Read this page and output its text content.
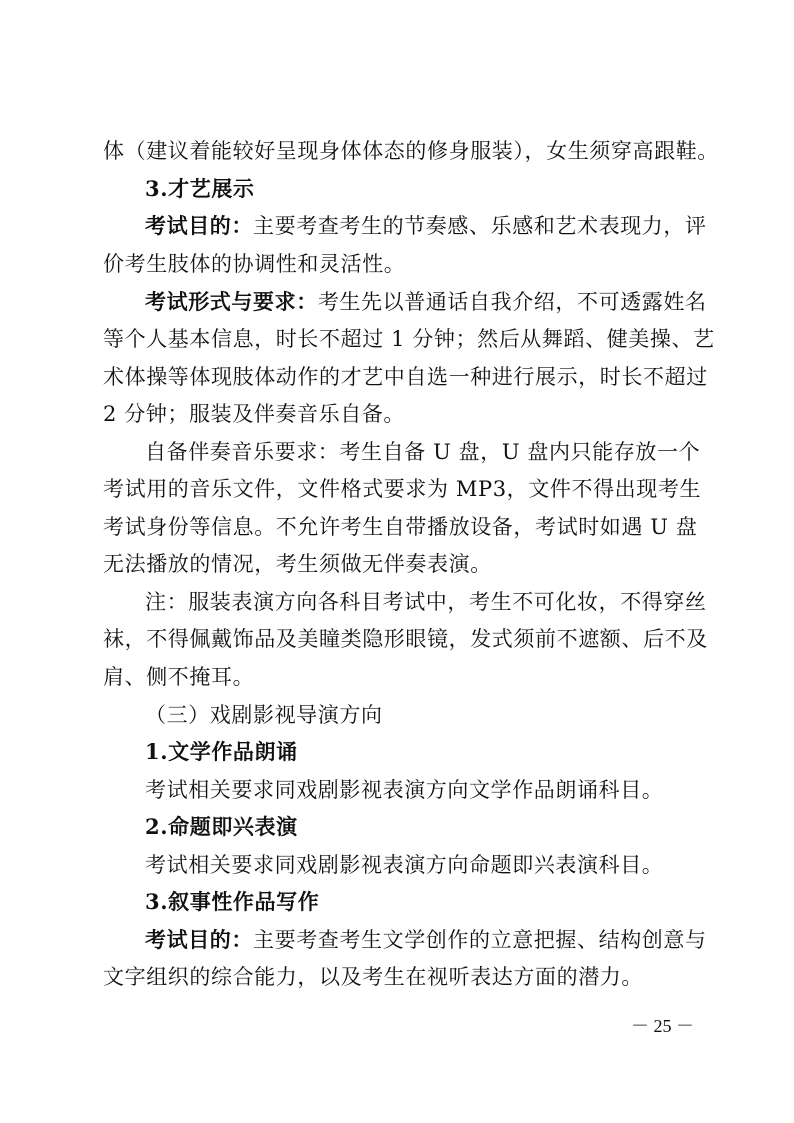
体（建议着能较好呈现身体体态的修身服装），女生须穿高跟鞋。
3.才艺展示
考试目的：主要考查考生的节奏感、乐感和艺术表现力，评
价考生肢体的协调性和灵活性。
考试形式与要求：考生先以普通话自我介绍，不可透露姓名
等个人基本信息，时长不超过 1 分钟；然后从舞蹈、健美操、艺
术体操等体现肢体动作的才艺中自选一种进行展示，时长不超过
2 分钟；服装及伴奏音乐自备。
自备伴奏音乐要求：考生自备 U 盘，U 盘内只能存放一个
考试用的音乐文件，文件格式要求为 MP3，文件不得出现考生
考试身份等信息。不允许考生自带播放设备，考试时如遇 U 盘
无法播放的情况，考生须做无伴奏表演。
注：服装表演方向各科目考试中，考生不可化妆，不得穿丝
袜，不得佩戴饰品及美瞳类隐形眼镜，发式须前不遮额、后不及
肩、侧不掩耳。
（三）戏剧影视导演方向
1.文学作品朗诵
考试相关要求同戏剧影视表演方向文学作品朗诵科目。
2.命题即兴表演
考试相关要求同戏剧影视表演方向命题即兴表演科目。
3.叙事性作品写作
考试目的：主要考查考生文学创作的立意把握、结构创意与
文字组织的综合能力，以及考生在视听表达方面的潜力。
－ 25 －
